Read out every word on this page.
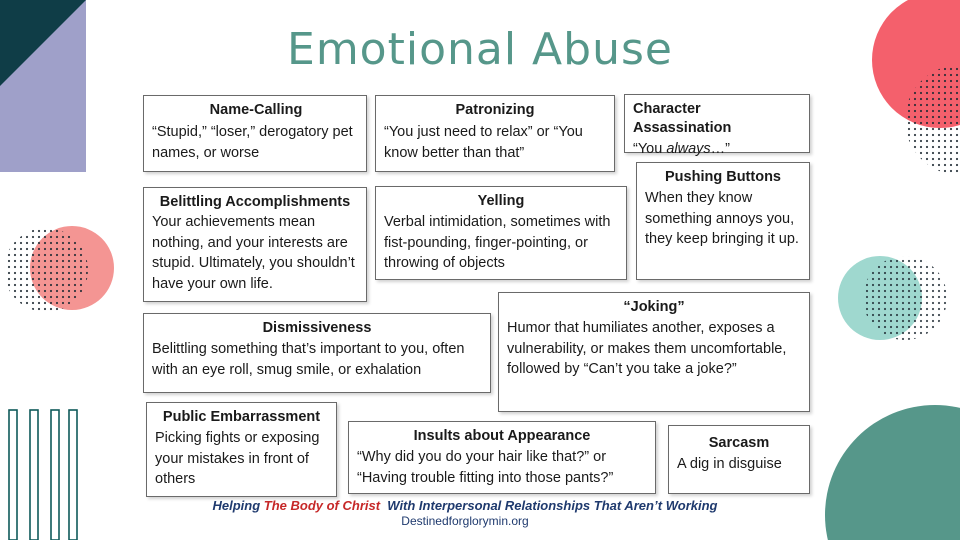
Emotional Abuse
Name-Calling
“Stupid,” “loser,” derogatory pet names, or worse
Patronizing
“You just need to relax” or “You know better than that”
Character Assassination
“You always…”
Pushing Buttons
When they know something annoys you, they keep bringing it up.
Belittling Accomplishments
Your achievements mean nothing, and your interests are stupid. Ultimately, you shouldn’t have your own life.
Yelling
Verbal intimidation, sometimes with fist-pounding, finger-pointing, or throwing of objects
“Joking”
Humor that humiliates another, exposes a vulnerability, or makes them uncomfortable, followed by “Can’t you take a joke?”
Dismissiveness
Belittling something that’s important to you, often with an eye roll, smug smile, or exhalation
Public Embarrassment
Picking fights or exposing your mistakes in front of others
Insults about Appearance
“Why did you do your hair like that?” or “Having trouble fitting into those pants?”
Sarcasm
A dig in disguise
Helping The Body of Christ  With Interpersonal Relationships That Aren’t Working
Destinedforglorymin.org
